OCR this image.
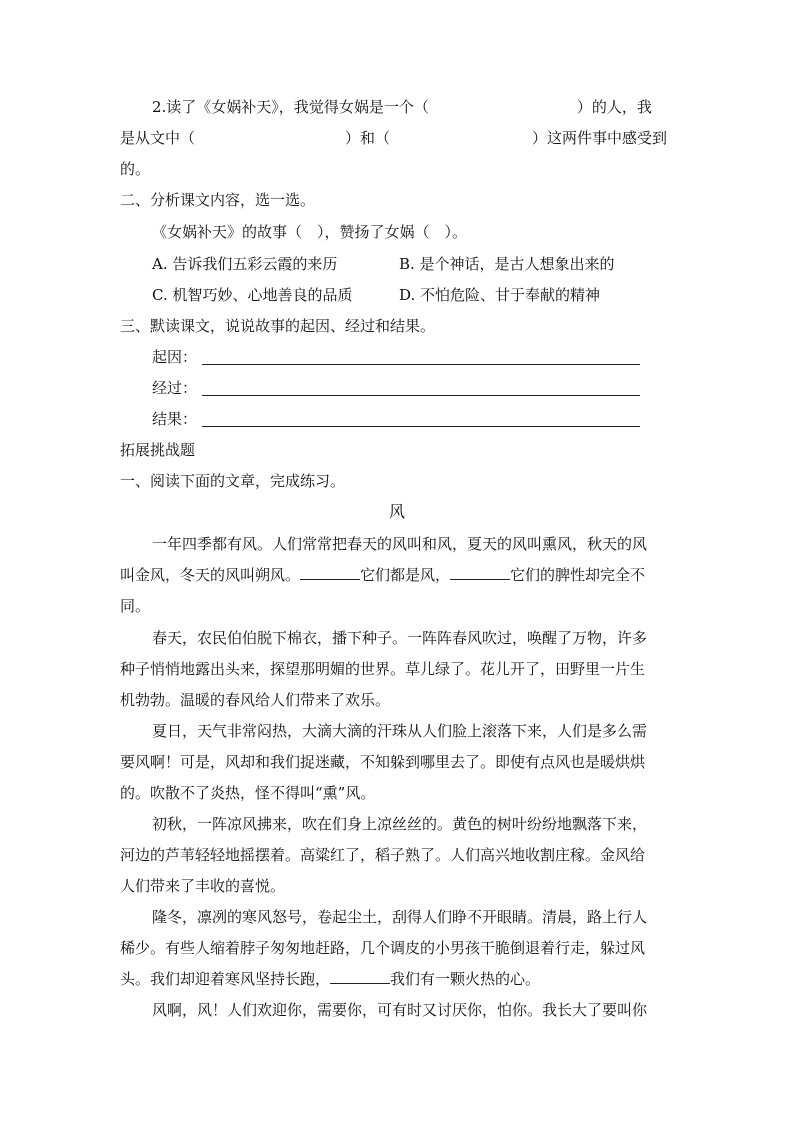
2.读了《女娲补天》，我觉得女娲是一个（	）的人，我
是从文中（	）和（	）这两件事中感受到
的。
二、分析课文内容，选一选。
《女娲补天》的故事（　），赞扬了女娲（　）。
A. 告诉我们五彩云霞的来历	B. 是个神话，是古人想象出来的
C. 机智巧妙、心地善良的品质	D. 不怕危险、甘于奉献的精神
三、默读课文，说说故事的起因、经过和结果。
起因：
经过：
结果：
拓展挑战题
一、阅读下面的文章，完成练习。
风
一年四季都有风。人们常常把春天的风叫和风，夏天的风叫熏风，秋天的风
叫金风，冬天的风叫朔风。	它们都是风，	它们的脾性却完全不
同。
春天，农民伯伯脱下棉衣，播下种子。一阵阵春风吹过，唤醒了万物，许多
种子悄悄地露出头来，探望那明媚的世界。草儿绿了。花儿开了，田野里一片生
机勃勃。温暖的春风给人们带来了欢乐。
夏日，天气非常闷热，大滴大滴的汗珠从人们脸上滚落下来，人们是多么需
要风啊！可是，风却和我们捉迷藏，不知躲到哪里去了。即使有点风也是暖烘烘
的。吹散不了炎热，怪不得叫“熏”风。
初秋，一阵凉风拂来，吹在们身上凉丝丝的。黄色的树叶纷纷地飘落下来，
河边的芦苇轻轻地摇摆着。高粱红了，稻子熟了。人们高兴地收割庄稼。金风给
人们带来了丰收的喜悦。
隆冬，凛冽的寒风怒号，卷起尘土，刮得人们睁不开眼睛。清晨，路上行人
稀少。有些人缩着脖子匆匆地赶路，几个调皮的小男孩干脆倒退着行走，躲过风
头。我们却迎着寒风坚持长跑，	我们有一颗火热的心。
风啊，风！人们欢迎你，需要你，可有时又讨厌你，怕你。我长大了要叫你
